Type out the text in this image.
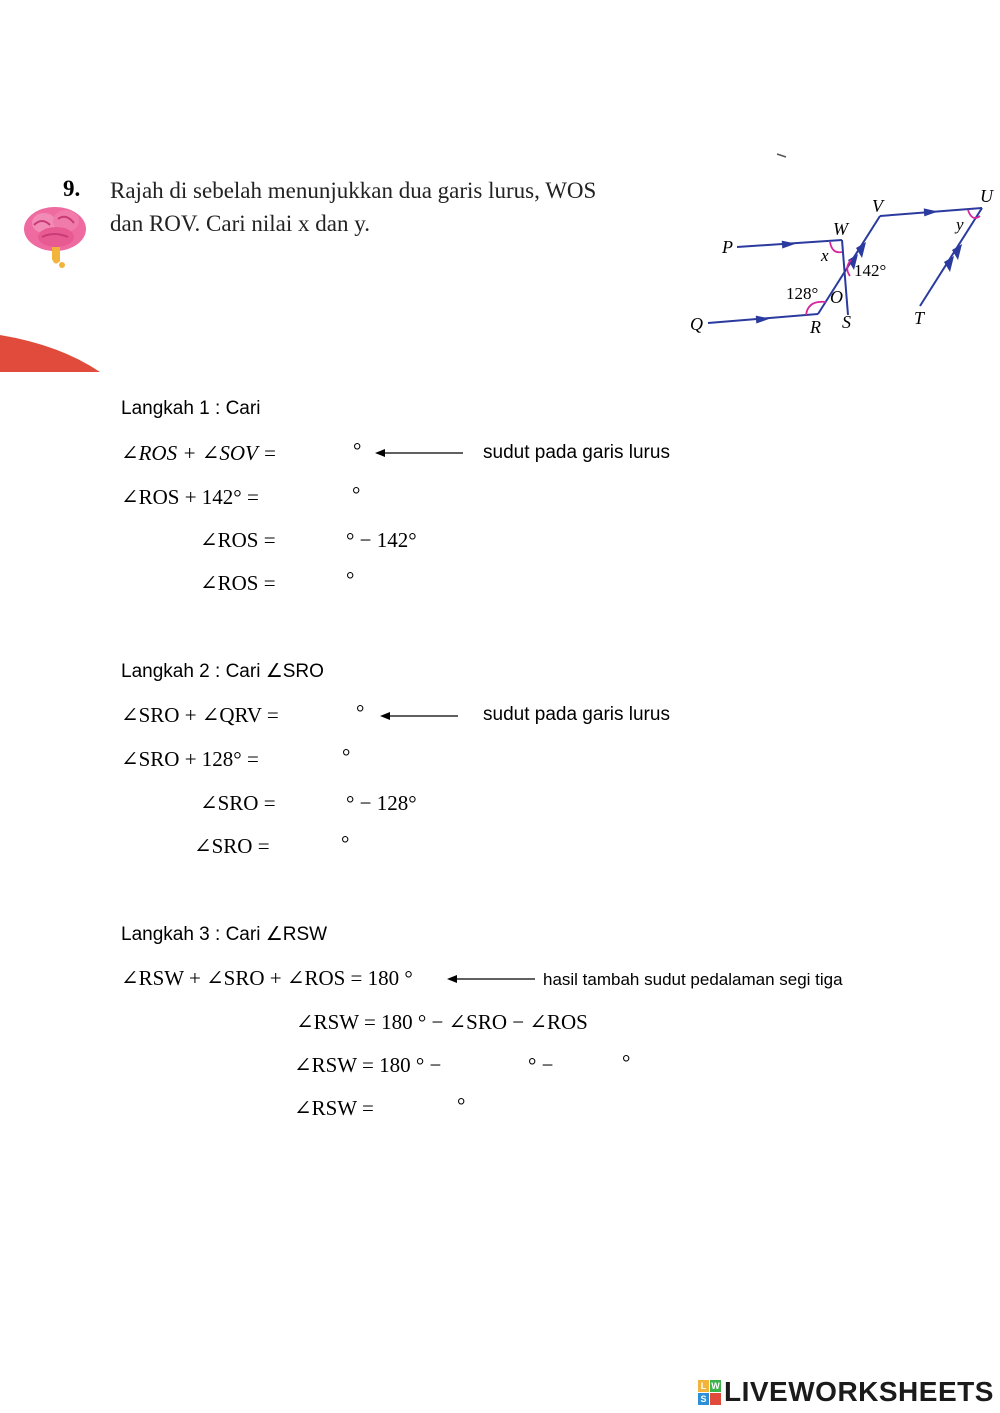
9. Rajah di sebelah menunjukkan dua garis lurus, WOS
dan ROV. Cari nilai x dan y.
P
Q
W
x
142°
128° O
R S
V	U
y
T
Langkah 1 : Cari
∠ROS + ∠SOV =	°	sudut pada garis lurus
∠ROS + 142° =	°
∠ROS =	° − 142°
∠ROS =	°
Langkah 2 : Cari ∠SRO
∠SRO + ∠QRV =	°	sudut pada garis lurus
∠SRO + 128° =	°
∠SRO =	° − 128°
∠SRO =	°
Langkah 3 : Cari ∠RSW
∠RSW + ∠SRO + ∠ROS = 180 °	hasil tambah sudut pedalaman segi tiga
∠RSW = 180 ° − ∠SRO − ∠ROS
∠RSW = 180 ° −	° −	°
∠RSW =	°
L W
S LIVEWORKSHEETS
